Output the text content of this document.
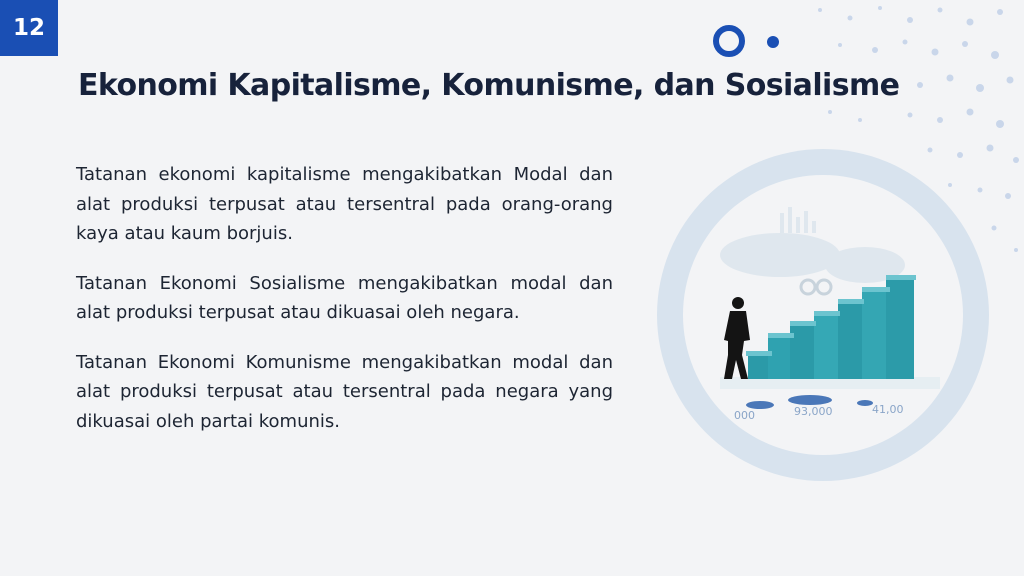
12
Ekonomi Kapitalisme, Komunisme, dan Sosialisme

Tatanan ekonomi kapitalisme mengakibatkan Modal dan alat produksi terpusat atau tersentral pada orang-orang kaya atau kaum borjuis.

Tatanan Ekonomi Sosialisme mengakibatkan modal dan alat produksi terpusat atau dikuasai oleh negara.

Tatanan Ekonomi Komunisme mengakibatkan modal dan alat produksi terpusat atau tersentral pada negara yang dikuasai oleh partai komunis.	000	93,000	41,00
